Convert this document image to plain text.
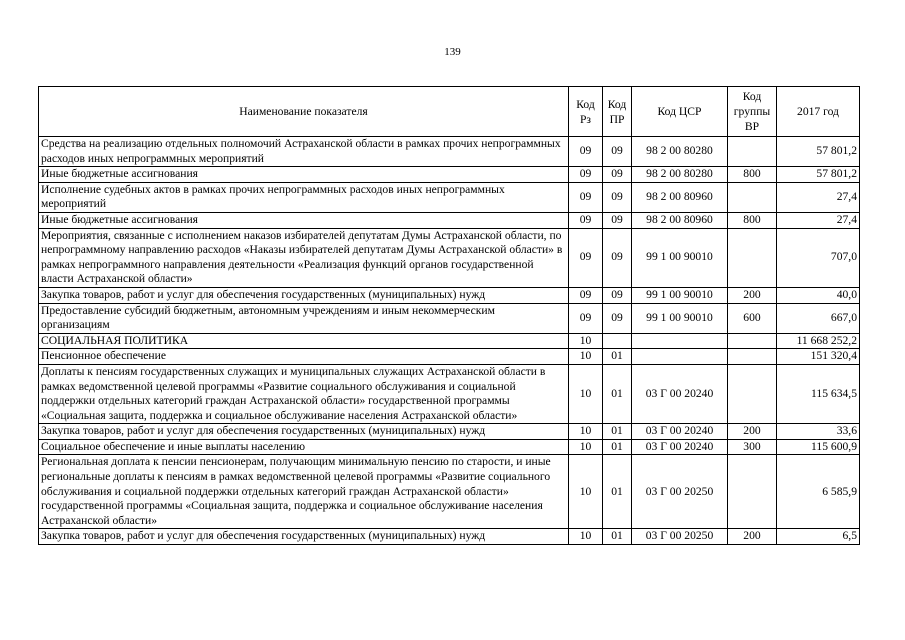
139
Наименование показателя	Код Рз	Код ПР	Код ЦСР	Код группы ВР	2017 год
Средства на реализацию отдельных полномочий Астраханской области в рамках прочих непрограммных расходов иных непрограммных мероприятий	09	09	98 2 00 80280		57 801,2
Иные бюджетные ассигнования	09	09	98 2 00 80280	800	57 801,2
Исполнение судебных актов в рамках прочих непрограммных расходов иных непрограммных мероприятий	09	09	98 2 00 80960		27,4
Иные бюджетные ассигнования	09	09	98 2 00 80960	800	27,4
Мероприятия, связанные с исполнением наказов избирателей депутатам Думы Астраханской области, по непрограммному направлению расходов «Наказы избирателей депутатам Думы Астраханской области» в рамках непрограммного направления деятельности «Реализация функций органов государственной власти Астраханской области»	09	09	99 1 00 90010		707,0
Закупка товаров, работ и услуг для обеспечения государственных (муниципальных) нужд	09	09	99 1 00 90010	200	40,0
Предоставление субсидий бюджетным, автономным учреждениям и иным некоммерческим организациям	09	09	99 1 00 90010	600	667,0
СОЦИАЛЬНАЯ ПОЛИТИКА	10				11 668 252,2
Пенсионное обеспечение	10	01			151 320,4
Доплаты к пенсиям государственных служащих и муниципальных служащих Астраханской области в рамках ведомственной целевой программы «Развитие социального обслуживания и социальной поддержки отдельных категорий граждан Астраханской области» государственной программы «Социальная защита, поддержка и социальное обслуживание населения Астраханской области»	10	01	03 Г 00 20240		115 634,5
Закупка товаров, работ и услуг для обеспечения государственных (муниципальных) нужд	10	01	03 Г 00 20240	200	33,6
Социальное обеспечение и иные выплаты населению	10	01	03 Г 00 20240	300	115 600,9
Региональная доплата к пенсии пенсионерам, получающим минимальную пенсию по старости, и иные региональные доплаты к пенсиям в рамках ведомственной целевой программы «Развитие социального обслуживания и социальной поддержки отдельных категорий граждан Астраханской области» государственной программы «Социальная защита, поддержка и социальное обслуживание населения Астраханской области»	10	01	03 Г 00 20250		6 585,9
Закупка товаров, работ и услуг для обеспечения государственных (муниципальных) нужд	10	01	03 Г 00 20250	200	6,5
